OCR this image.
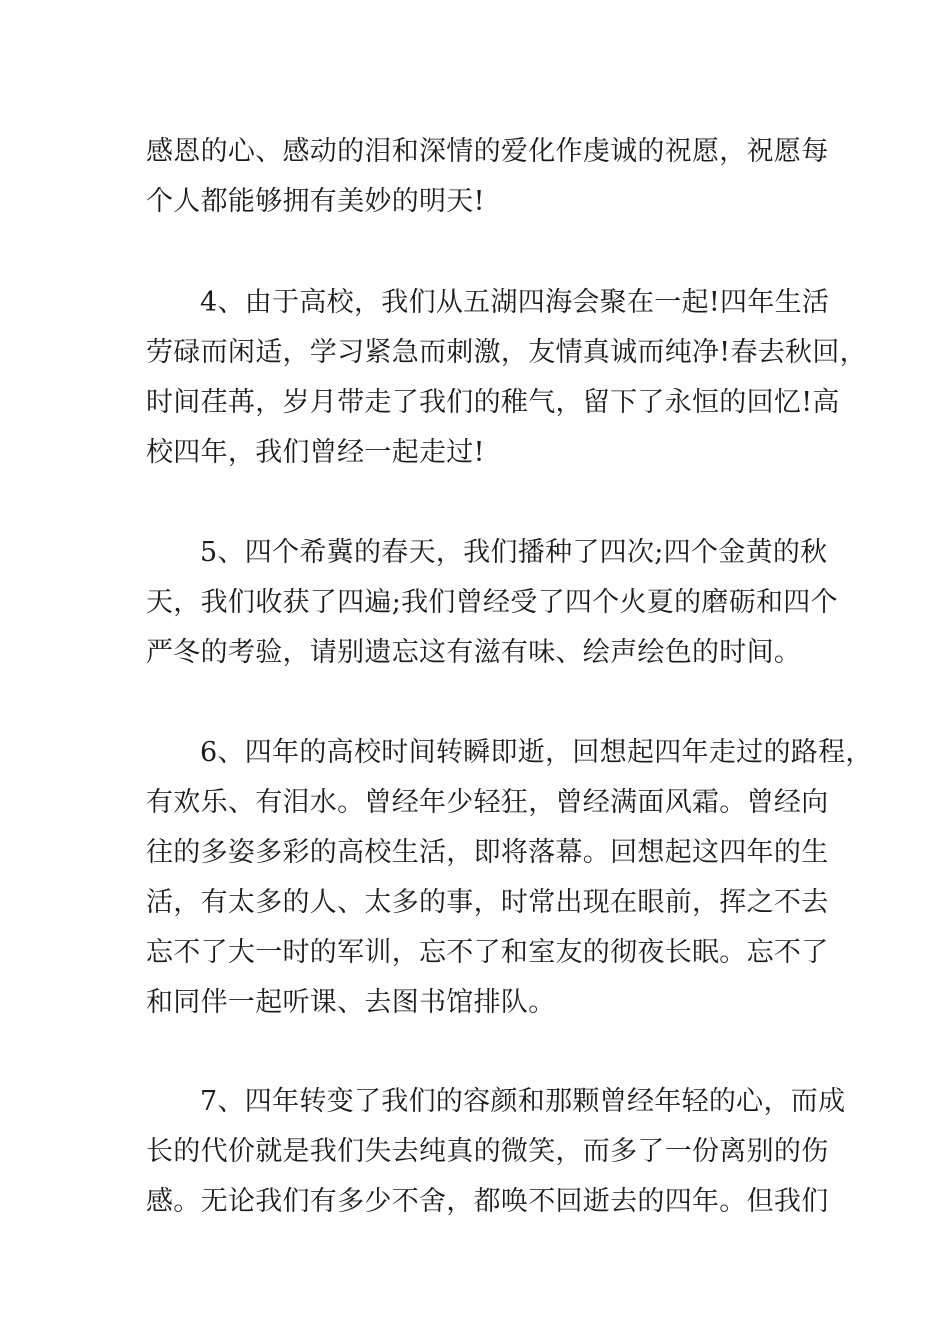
感恩的心、感动的泪和深情的爱化作虔诚的祝愿，祝愿每

个人都能够拥有美妙的明天!

4、由于高校，我们从五湖四海会聚在一起!四年生活

劳碌而闲适，学习紧急而刺激，友情真诚而纯净!春去秋回，

时间荏苒，岁月带走了我们的稚气，留下了永恒的回忆!高

校四年，我们曾经一起走过!

5、四个希冀的春天，我们播种了四次;四个金黄的秋

天，我们收获了四遍;我们曾经受了四个火夏的磨砺和四个

严冬的考验，请别遗忘这有滋有味、绘声绘色的时间。

6、四年的高校时间转瞬即逝，回想起四年走过的路程，

有欢乐、有泪水。曾经年少轻狂，曾经满面风霜。曾经向

往的多姿多彩的高校生活，即将落幕。回想起这四年的生

活，有太多的人、太多的事，时常出现在眼前，挥之不去

忘不了大一时的军训，忘不了和室友的彻夜长眠。忘不了

和同伴一起听课、去图书馆排队。

7、四年转变了我们的容颜和那颗曾经年轻的心，而成

长的代价就是我们失去纯真的微笑，而多了一份离别的伤

感。无论我们有多少不舍，都唤不回逝去的四年。但我们
